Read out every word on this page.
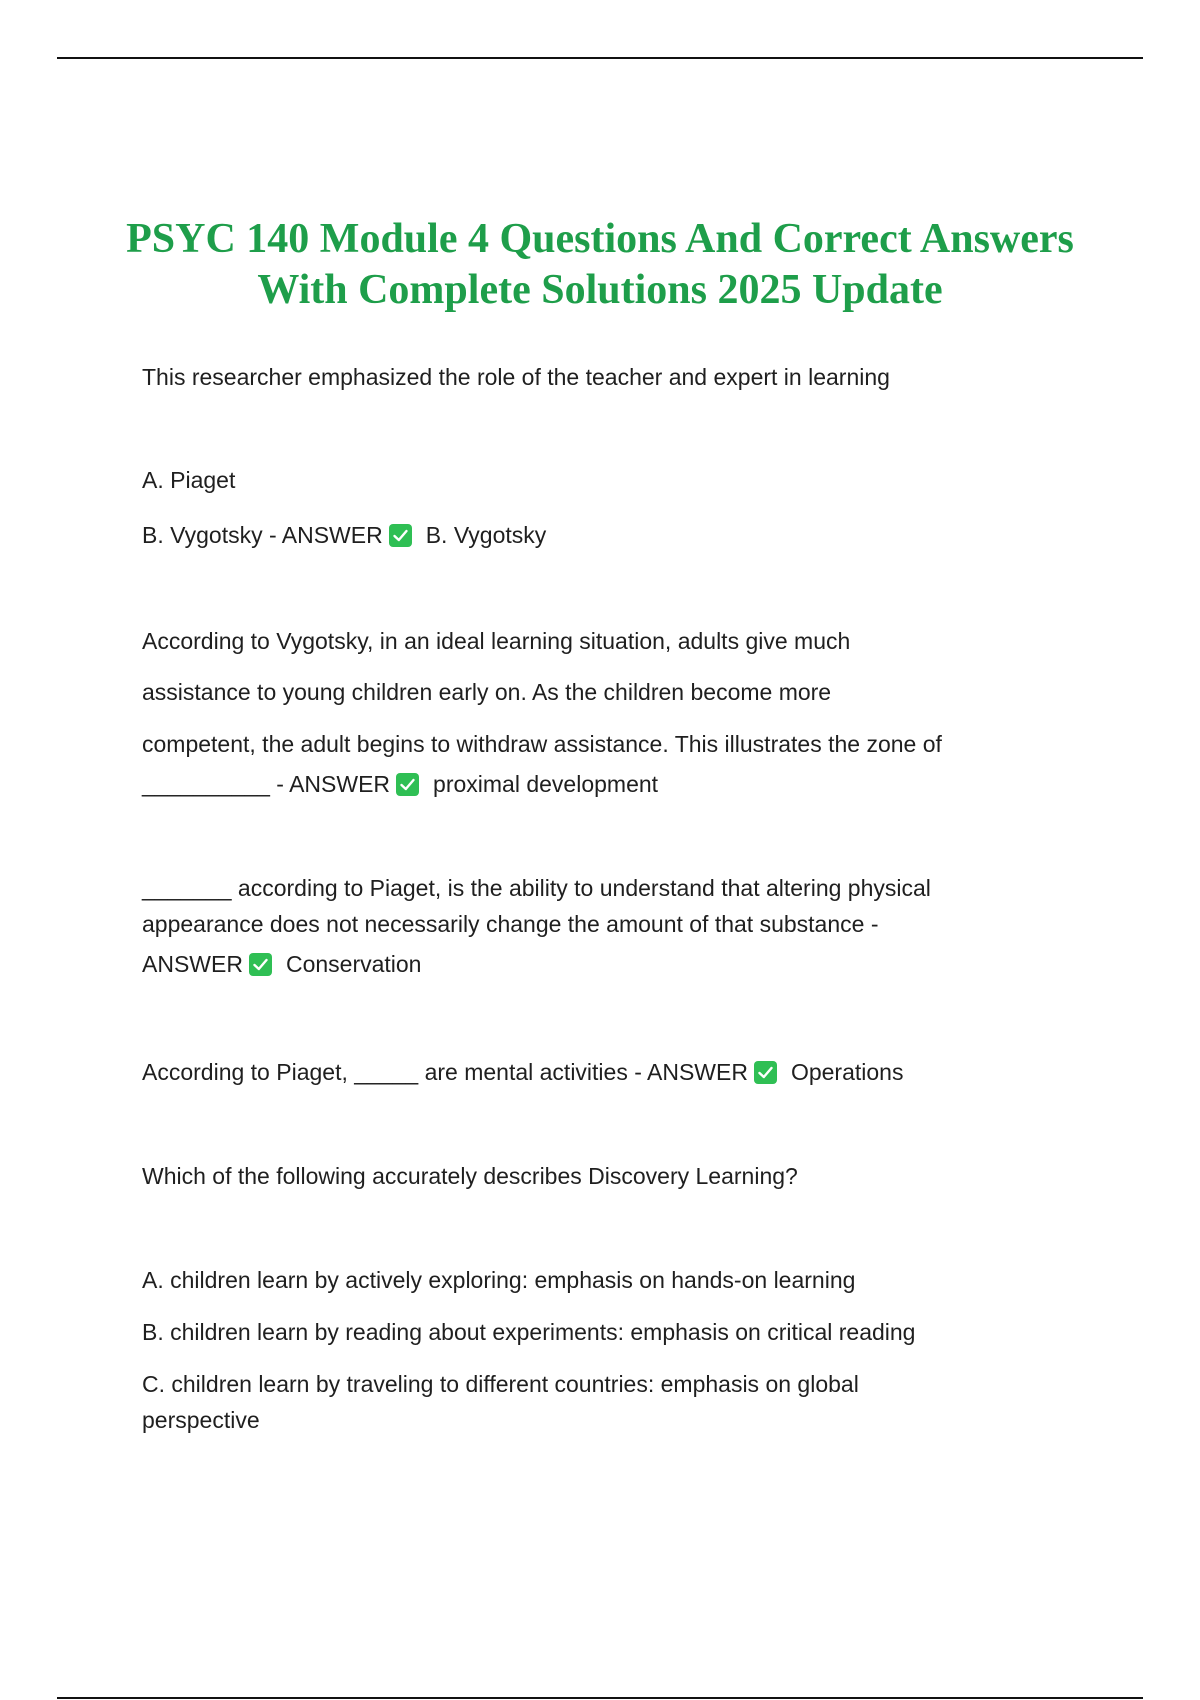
PSYC 140 Module 4 Questions And Correct Answers With Complete Solutions 2025 Update

This researcher emphasized the role of the teacher and expert in learning

A. Piaget

B. Vygotsky - ANSWER B. Vygotsky

According to Vygotsky, in an ideal learning situation, adults give much

assistance to young children early on. As the children become more

competent, the adult begins to withdraw assistance. This illustrates the zone of

__________ - ANSWER proximal development

_______ according to Piaget, is the ability to understand that altering physical

appearance does not necessarily change the amount of that substance -

ANSWER Conservation

According to Piaget, _____ are mental activities - ANSWER Operations

Which of the following accurately describes Discovery Learning?

A. children learn by actively exploring: emphasis on hands-on learning

B. children learn by reading about experiments: emphasis on critical reading

C. children learn by traveling to different countries: emphasis on global

perspective
